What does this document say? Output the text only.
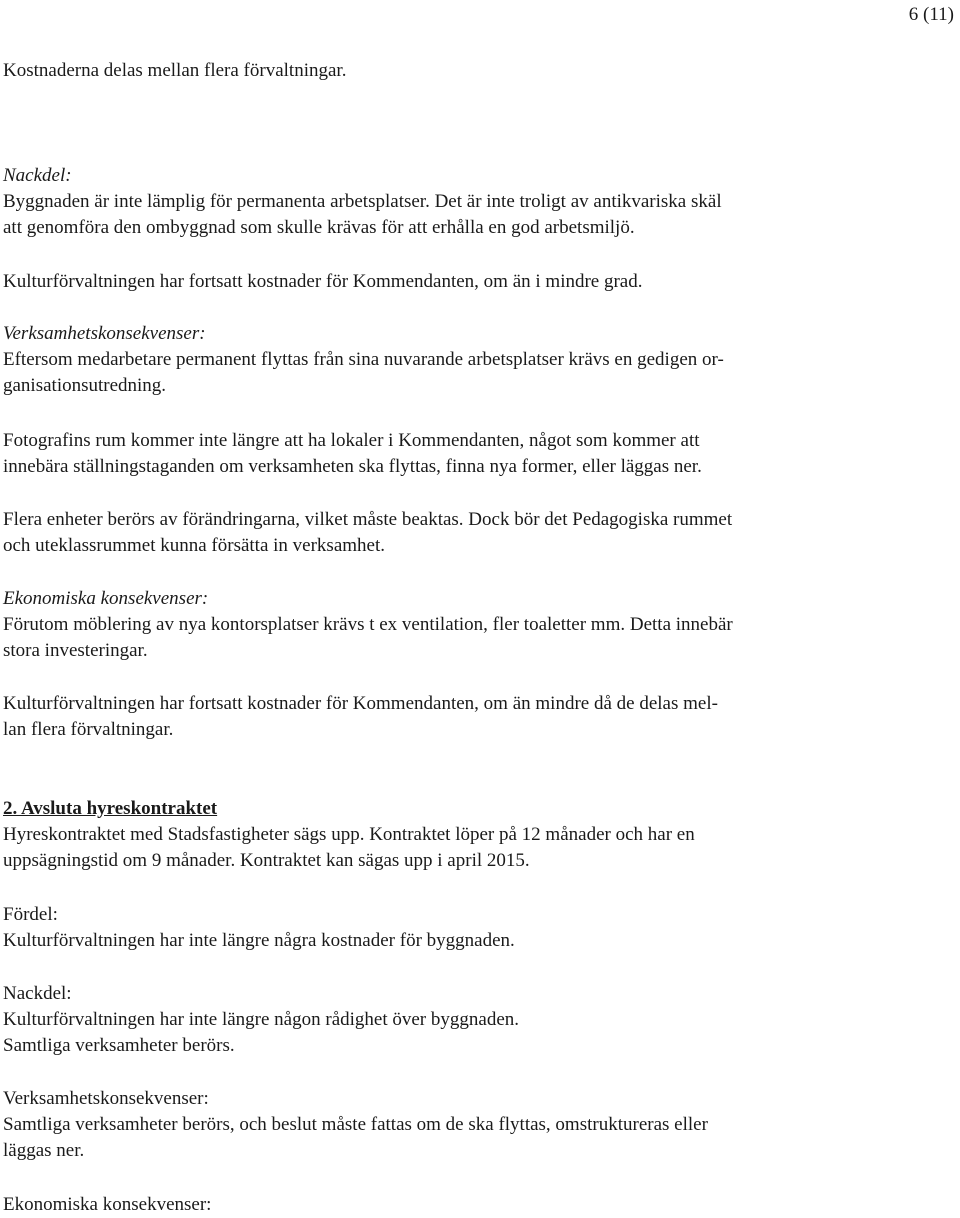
6 (11)

Kostnaderna delas mellan flera förvaltningar.

Nackdel:

Byggnaden är inte lämplig för permanenta arbetsplatser. Det är inte troligt av antikvariska skäl

att genomföra den ombyggnad som skulle krävas för att erhålla en god arbetsmiljö.

Kulturförvaltningen har fortsatt kostnader för Kommendanten, om än i mindre grad.

Verksamhetskonsekvenser:

Eftersom medarbetare permanent flyttas från sina nuvarande arbetsplatser krävs en gedigen or-

ganisationsutredning.

Fotografins rum kommer inte längre att ha lokaler i Kommendanten, något som kommer att

innebära ställningstaganden om verksamheten ska flyttas, finna nya former, eller läggas ner.

Flera enheter berörs av förändringarna, vilket måste beaktas. Dock bör det Pedagogiska rummet

och uteklassrummet kunna försätta in verksamhet.

Ekonomiska konsekvenser:

Förutom möblering av nya kontorsplatser krävs t ex ventilation, fler toaletter mm. Detta innebär

stora investeringar.

Kulturförvaltningen har fortsatt kostnader för Kommendanten, om än mindre då de delas mel-

lan flera förvaltningar.

2. Avsluta hyreskontraktet

Hyreskontraktet med Stadsfastigheter sägs upp. Kontraktet löper på 12 månader och har en

uppsägningstid om 9 månader. Kontraktet kan sägas upp i april 2015.

Fördel:

Kulturförvaltningen har inte längre några kostnader för byggnaden.

Nackdel:

Kulturförvaltningen har inte längre någon rådighet över byggnaden.

Samtliga verksamheter berörs.

Verksamhetskonsekvenser:

Samtliga verksamheter berörs, och beslut måste fattas om de ska flyttas, omstruktureras eller

läggas ner.

Ekonomiska konsekvenser:
